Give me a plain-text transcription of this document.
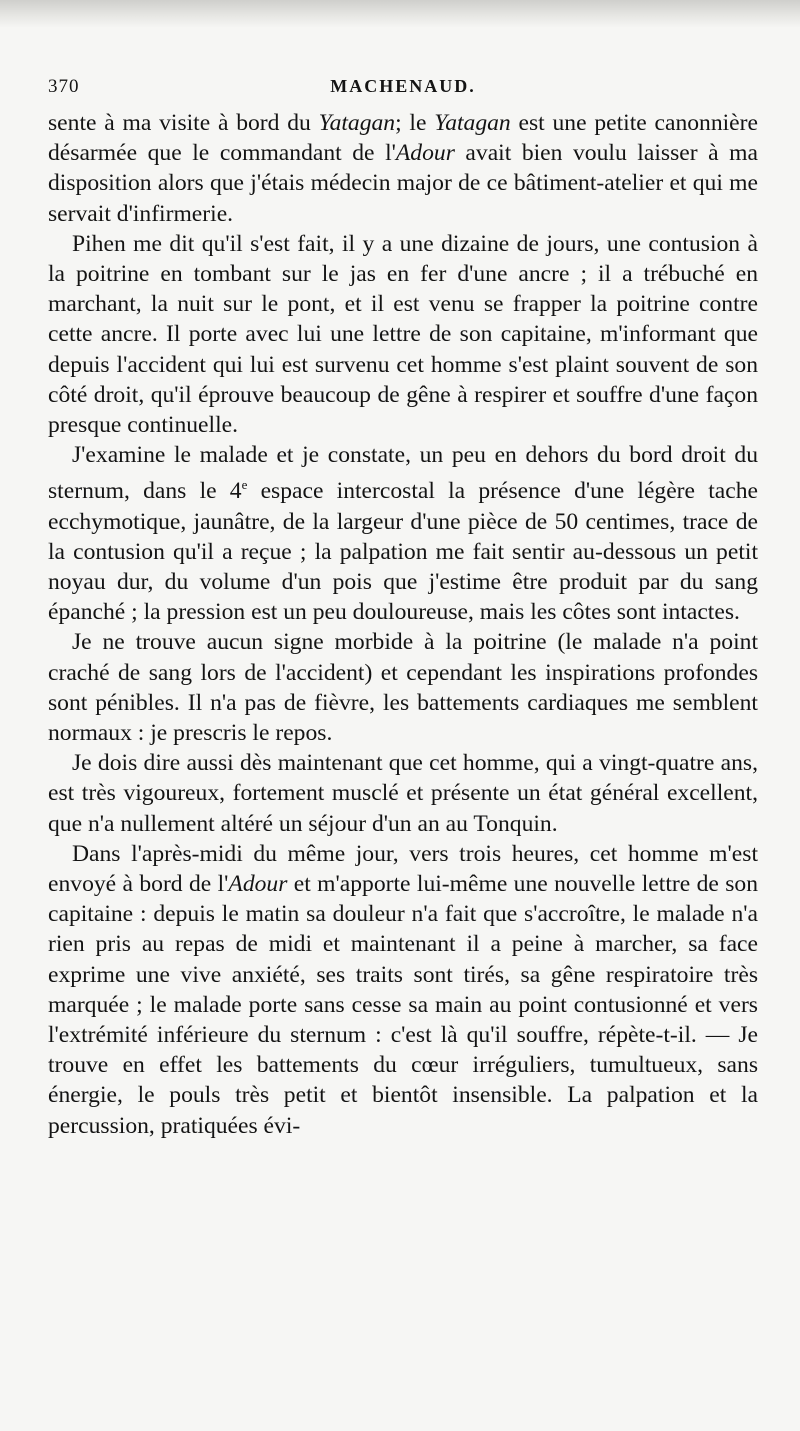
370	MACHENAUD.

sente à ma visite à bord du Yatagan; le Yatagan est une petite canonnière désarmée que le commandant de l'Adour avait bien voulu laisser à ma disposition alors que j'étais médecin major de ce bâtiment-atelier et qui me servait d'infirmerie.

Pihen me dit qu'il s'est fait, il y a une dizaine de jours, une contusion à la poitrine en tombant sur le jas en fer d'une ancre ; il a trébuché en marchant, la nuit sur le pont, et il est venu se frapper la poitrine contre cette ancre. Il porte avec lui une lettre de son capitaine, m'informant que depuis l'accident qui lui est survenu cet homme s'est plaint souvent de son côté droit, qu'il éprouve beaucoup de gêne à respirer et souffre d'une façon presque continuelle.

J'examine le malade et je constate, un peu en dehors du bord droit du sternum, dans le 4e espace intercostal la présence d'une légère tache ecchymotique, jaunâtre, de la largeur d'une pièce de 50 centimes, trace de la contusion qu'il a reçue ; la palpation me fait sentir au-dessous un petit noyau dur, du volume d'un pois que j'estime être produit par du sang épanché ; la pression est un peu douloureuse, mais les côtes sont intactes.

Je ne trouve aucun signe morbide à la poitrine (le malade n'a point craché de sang lors de l'accident) et cependant les inspirations profondes sont pénibles. Il n'a pas de fièvre, les battements cardiaques me semblent normaux : je prescris le repos.

Je dois dire aussi dès maintenant que cet homme, qui a vingt-quatre ans, est très vigoureux, fortement musclé et présente un état général excellent, que n'a nullement altéré un séjour d'un an au Tonquin.

Dans l'après-midi du même jour, vers trois heures, cet homme m'est envoyé à bord de l'Adour et m'apporte lui-même une nouvelle lettre de son capitaine : depuis le matin sa douleur n'a fait que s'accroître, le malade n'a rien pris au repas de midi et maintenant il a peine à marcher, sa face exprime une vive anxiété, ses traits sont tirés, sa gêne respiratoire très marquée ; le malade porte sans cesse sa main au point contusionné et vers l'extrémité inférieure du sternum : c'est là qu'il souffre, répète-t-il. — Je trouve en effet les battements du cœur irréguliers, tumultueux, sans énergie, le pouls très petit et bientôt insensible. La palpation et la percussion, pratiquées évi-
